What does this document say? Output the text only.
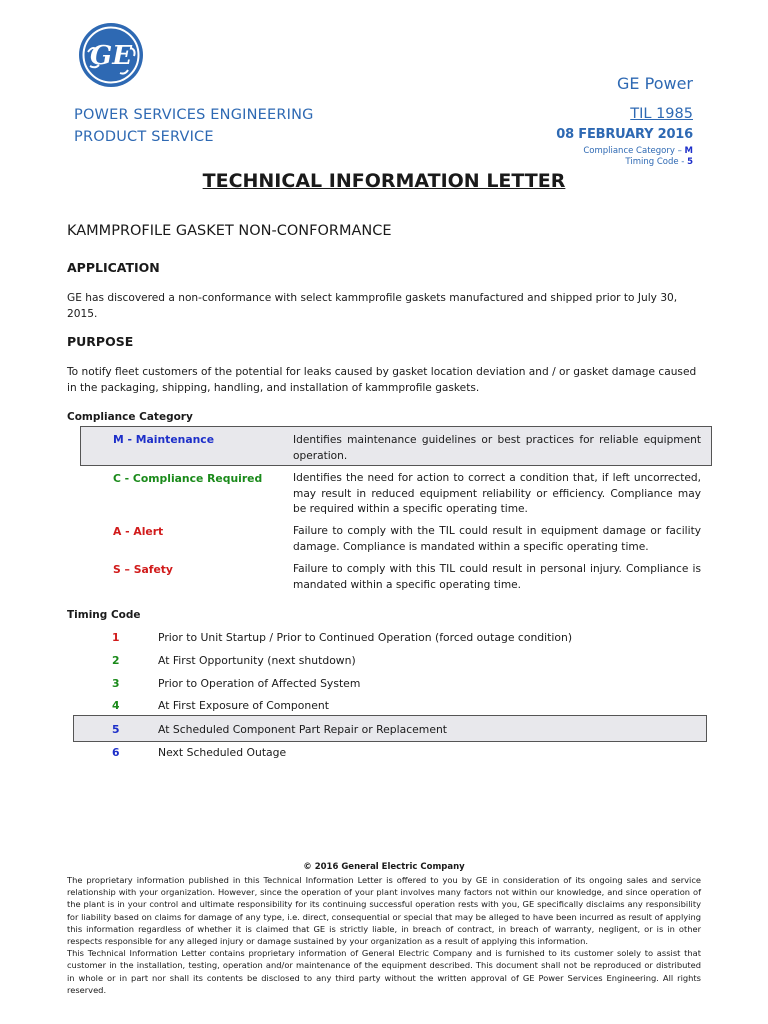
GE
POWER SERVICES ENGINEERING
PRODUCT SERVICE
GE Power
TIL 1985
08 FEBRUARY 2016
Compliance Category – M
Timing Code - 5
TECHNICAL INFORMATION LETTER
KAMMPROFILE GASKET NON-CONFORMANCE
APPLICATION
GE has discovered a non-conformance with select kammprofile gaskets manufactured and shipped prior to July 30, 2015.
PURPOSE
To notify fleet customers of the potential for leaks caused by gasket location deviation and / or gasket damage caused in the packaging, shipping, handling, and installation of kammprofile gaskets.
Compliance Category
M - Maintenance	Identifies maintenance guidelines or best practices for reliable equipment operation.
C - Compliance Required	Identifies the need for action to correct a condition that, if left uncorrected, may result in reduced equipment reliability or efficiency. Compliance may be required within a specific operating time.
A - Alert	Failure to comply with the TIL could result in equipment damage or facility damage. Compliance is mandated within a specific operating time.
S – Safety	Failure to comply with this TIL could result in personal injury. Compliance is mandated within a specific operating time.
Timing Code
1	Prior to Unit Startup / Prior to Continued Operation (forced outage condition)
2	At First Opportunity (next shutdown)
3	Prior to Operation of Affected System
4	At First Exposure of Component
5	At Scheduled Component Part Repair or Replacement
6	Next Scheduled Outage
© 2016 General Electric Company

The proprietary information published in this Technical Information Letter is offered to you by GE in consideration of its ongoing sales and service relationship with your organization. However, since the operation of your plant involves many factors not within our knowledge, and since operation of the plant is in your control and ultimate responsibility for its continuing successful operation rests with you, GE specifically disclaims any responsibility for liability based on claims for damage of any type, i.e. direct, consequential or special that may be alleged to have been incurred as result of applying this information regardless of whether it is claimed that GE is strictly liable, in breach of contract, in breach of warranty, negligent, or is in other respects responsible for any alleged injury or damage sustained by your organization as a result of applying this information.

This Technical Information Letter contains proprietary information of General Electric Company and is furnished to its customer solely to assist that customer in the installation, testing, operation and/or maintenance of the equipment described. This document shall not be reproduced or distributed in whole or in part nor shall its contents be disclosed to any third party without the written approval of GE Power Services Engineering. All rights reserved.
